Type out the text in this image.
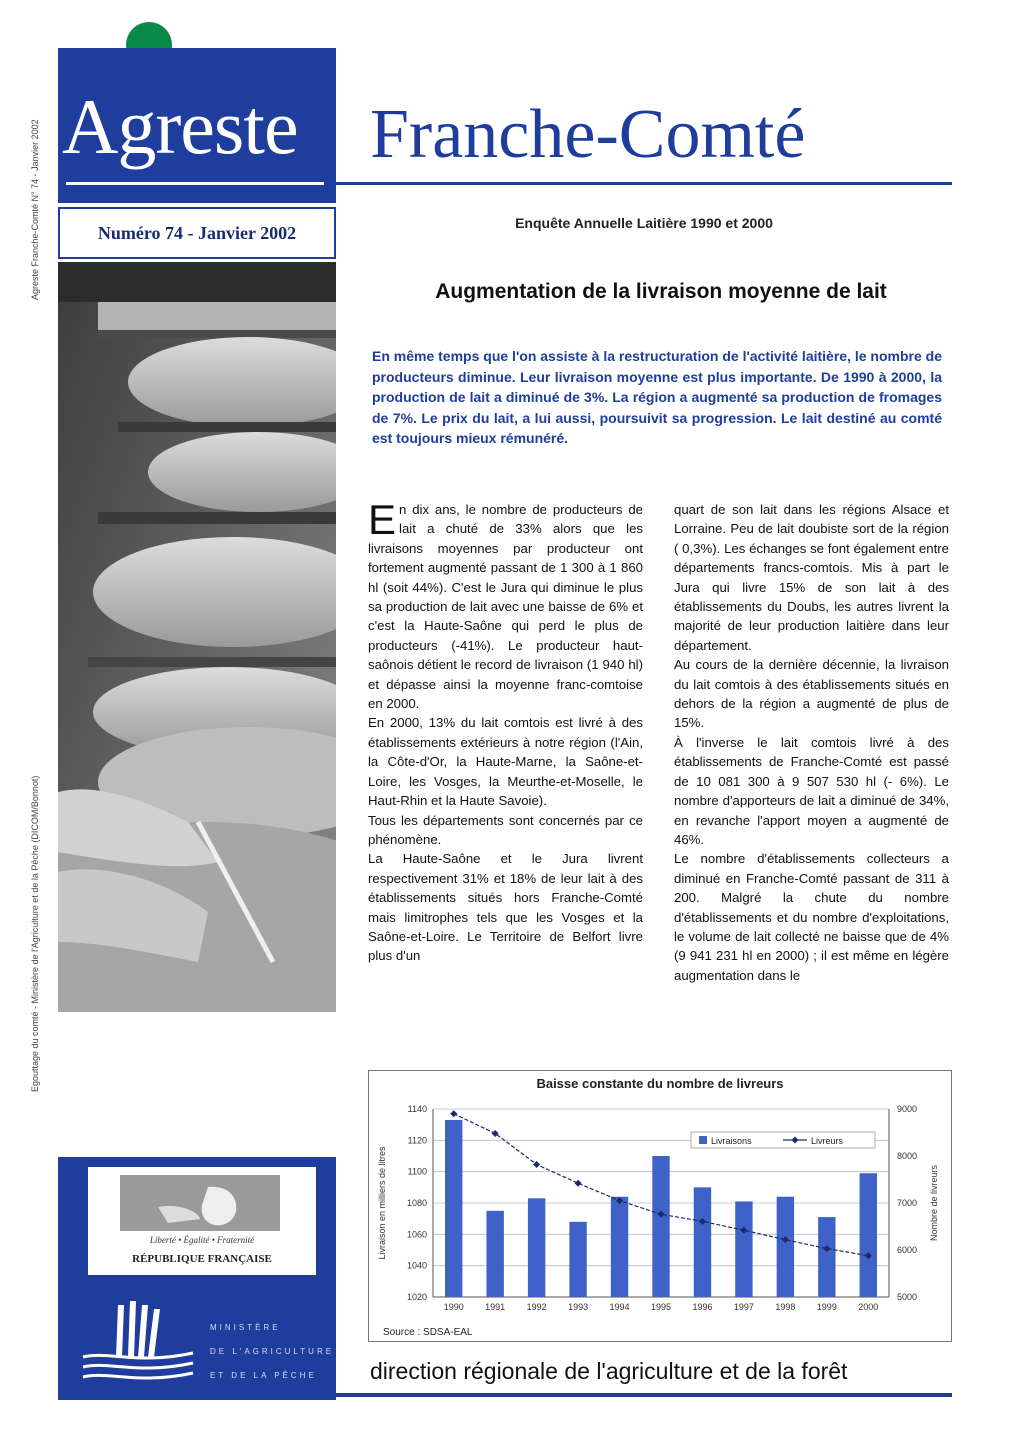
Agreste Franche-Comté N° 74 - Janvier 2002
Egouttage du comté - Ministère de l'Agriculture et de la Pêche (DICOM/Bonnot)
Agreste Franche-Comté
Numéro 74 - Janvier 2002
Liberté • Égalité • Fraternité
RÉPUBLIQUE FRANÇAISE
MINISTÈRE
DE L'AGRICULTURE
ET DE LA PÊCHE
Enquête Annuelle Laitière 1990 et 2000
Augmentation de la livraison moyenne de lait
En même temps que l'on assiste à la restructuration de l'activité laitière, le nombre de producteurs diminue. Leur livraison moyenne est plus importante. De 1990 à 2000, la production de lait a diminué de 3%. La région a augmenté sa production de fromages de 7%. Le prix du lait, a lui aussi, poursuivit sa progression. Le lait destiné au comté est toujours mieux rémunéré.

En dix ans, le nombre de producteurs de lait a chuté de 33% alors que les livraisons moyennes par producteur ont fortement augmenté passant de 1 300 à 1 860 hl (soit 44%). C'est le Jura qui diminue le plus sa production de lait avec une baisse de 6% et c'est la Haute-Saône qui perd le plus de producteurs (-41%). Le producteur haut-saônois détient le record de livraison (1 940 hl) et dépasse ainsi la moyenne franc-comtoise en 2000.

En 2000, 13% du lait comtois est livré à des établissements extérieurs à notre région (l'Ain, la Côte-d'Or, la Haute-Marne, la Saône-et-Loire, les Vosges, la Meurthe-et-Moselle, le Haut-Rhin et la Haute Savoie).

Tous les départements sont concernés par ce phénomène.

La Haute-Saône et le Jura livrent respectivement 31% et 18% de leur lait à des établissements situés hors Franche-Comté mais limitrophes tels que les Vosges et la Saône-et-Loire. Le Territoire de Belfort livre plus d'un

quart de son lait dans les régions Alsace et Lorraine. Peu de lait doubiste sort de la région ( 0,3%). Les échanges se font également entre départements francs-comtois. Mis à part le Jura qui livre 15% de son lait à des établissements du Doubs, les autres livrent la majorité de leur production laitière dans leur département.

Au cours de la dernière décennie, la livraison du lait comtois à des établissements situés en dehors de la région a augmenté de plus de 15%.

À l'inverse le lait comtois livré à des établissements de Franche-Comté est passé de 10 081 300 à 9 507 530 hl (- 6%). Le nombre d'apporteurs de lait a diminué de 34%, en revanche l'apport moyen a augmenté de 46%.

Le nombre d'établissements collecteurs a diminué en Franche-Comté passant de 311 à 200. Malgré la chute du nombre d'établissements et du nombre d'exploitations, le volume de lait collecté ne baisse que de 4% (9 941 231 hl en 2000) ; il est même en légère augmentation dans le

Baisse constante du nombre de livreurs
1020
1040
1060
1080
1100
1120
1140
5000
6000
7000
8000
9000
1990 1991 1992 1993 1994 1995 1996 1997 1998 1999 2000
Livraisons	Livreurs
Livraison en milliers de litres	Nombre de livreurs
Source : SDSA-EAL
direction régionale de l'agriculture et de la forêt
